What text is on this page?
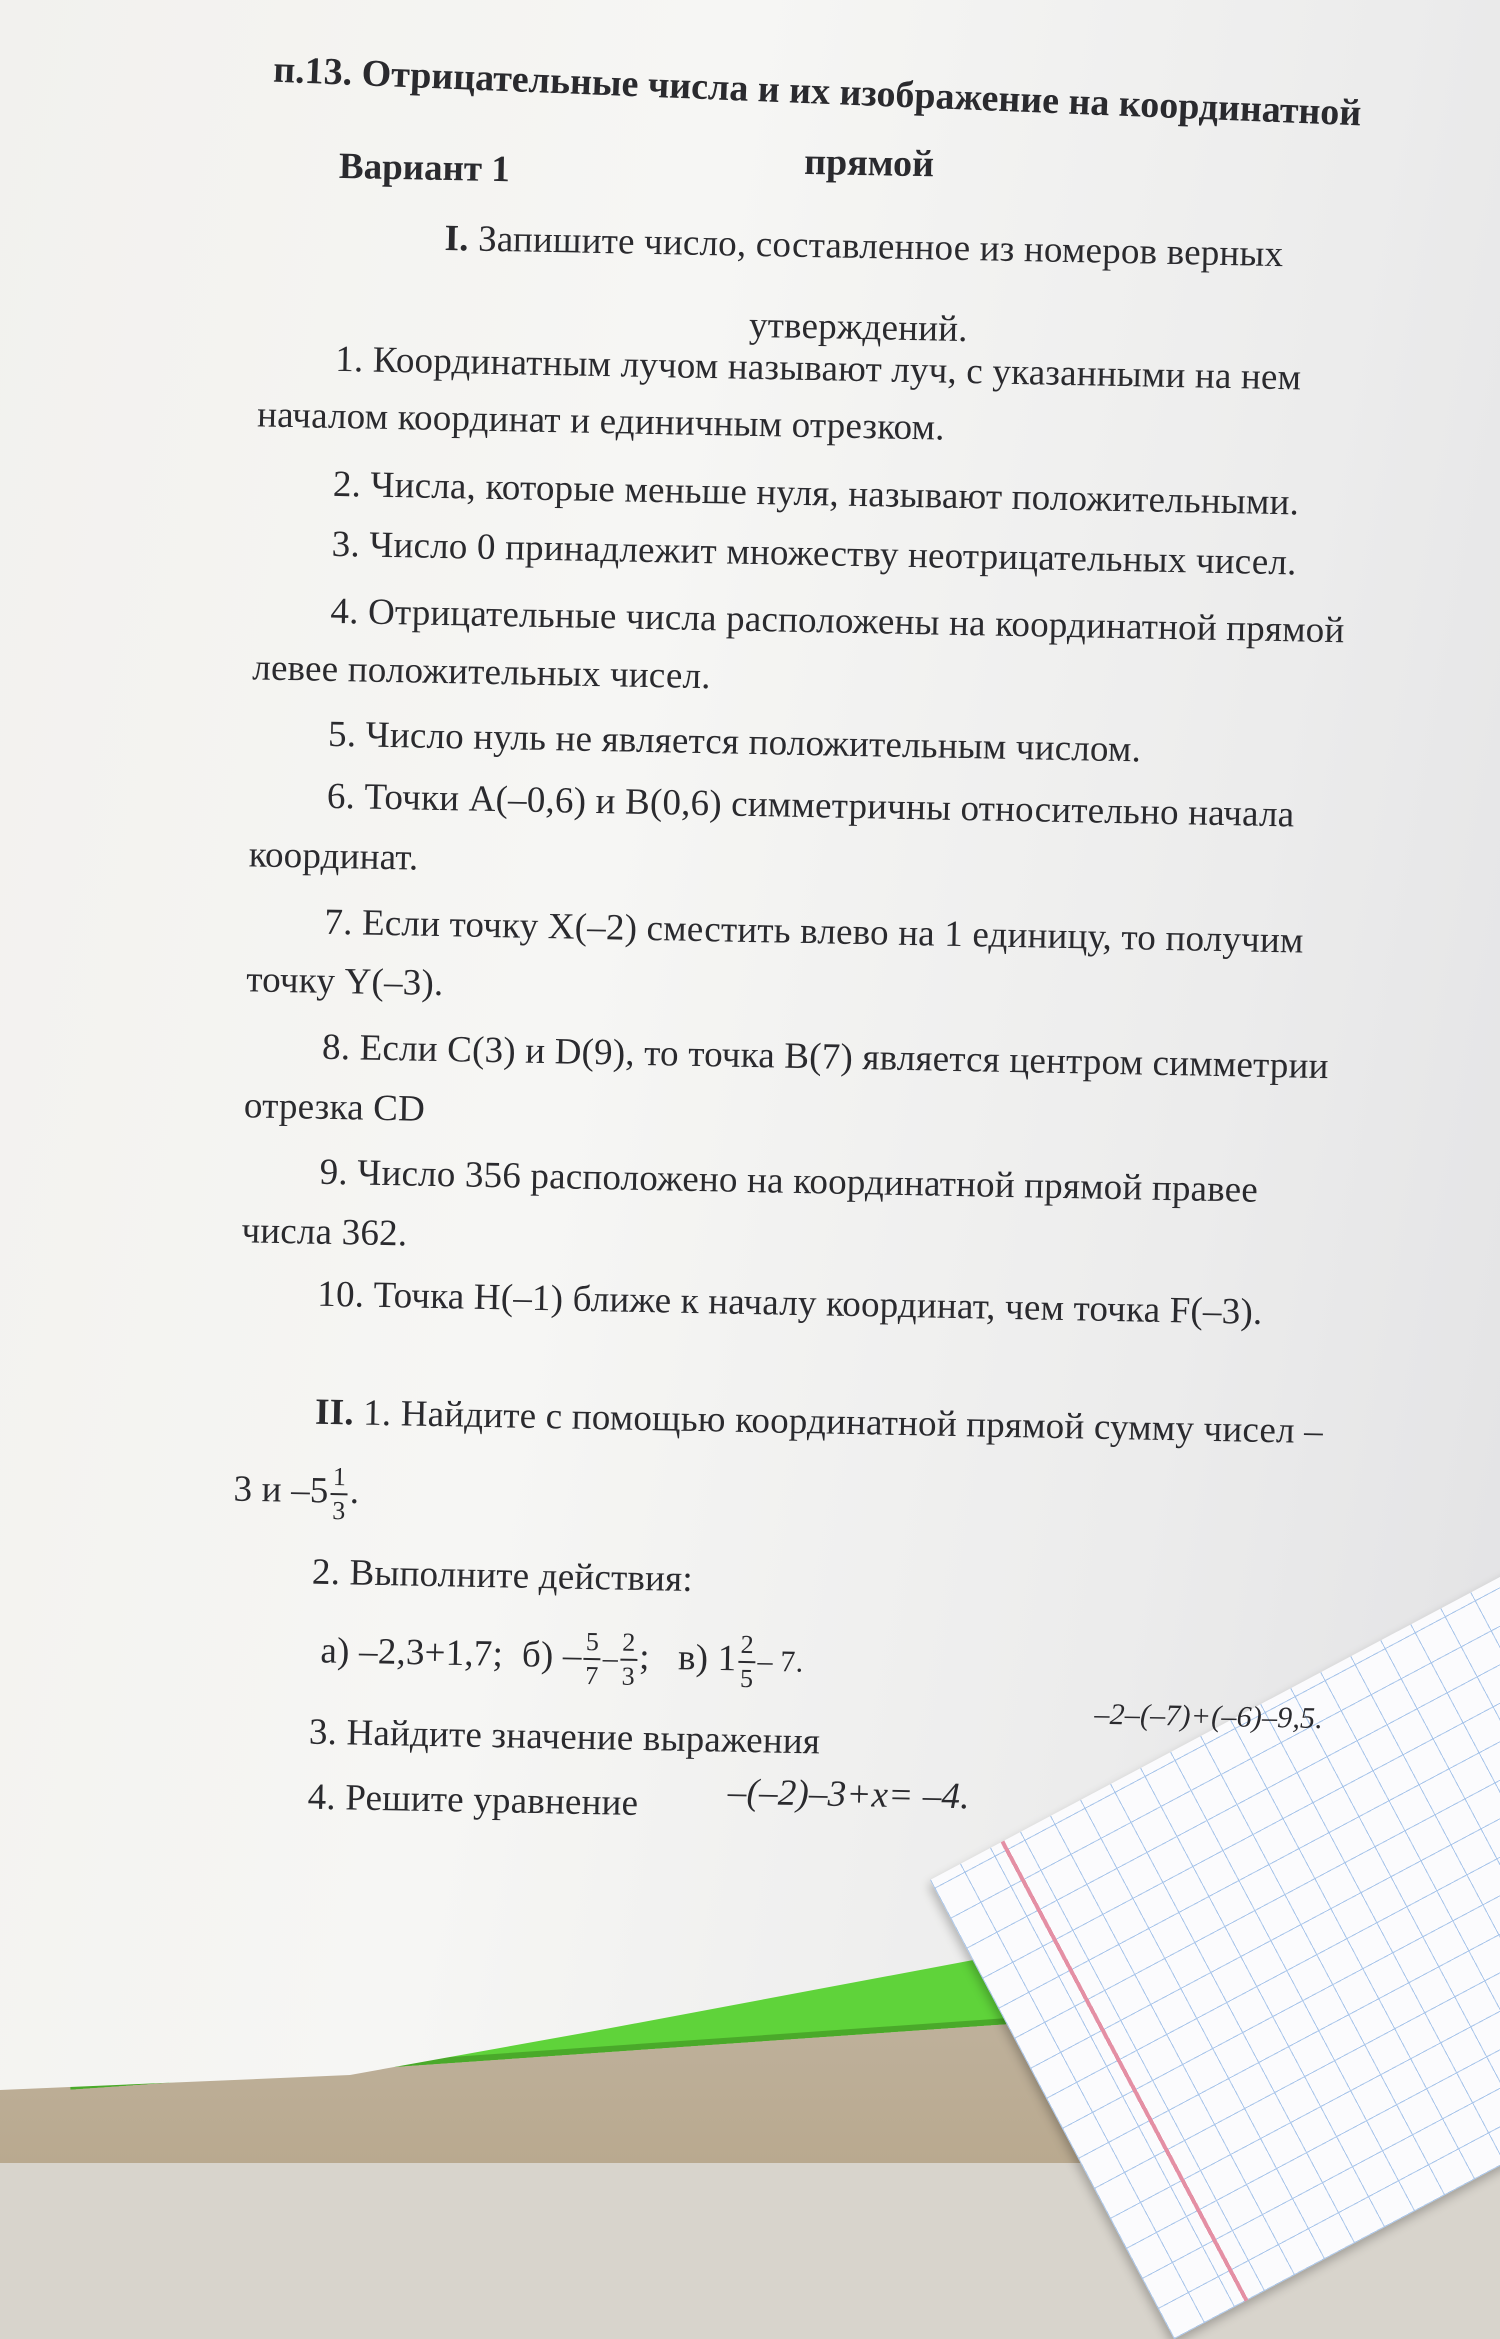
п.13. Отрицательные числа и их изображение на координатной
прямой
Вариант 1
I. Запишите число, составленное из номеров верных
утверждений.
1. Координатным лучом называют луч, с указанными на нем
началом координат и единичным отрезком.
2. Числа, которые меньше нуля, называют положительными.
3. Число 0 принадлежит множеству неотрицательных чисел.
4. Отрицательные числа расположены на координатной прямой
левее положительных чисел.
5. Число нуль не является положительным числом.
6. Точки A(–0,6) и B(0,6) симметричны относительно начала
координат.
7. Если точку X(–2) сместить влево на 1 единицу, то получим
точку Y(–3).
8. Если C(3) и D(9), то точка B(7) является центром симметрии
отрезка CD
9. Число 356 расположено на координатной прямой правее
числа 362.
10. Точка H(–1) ближе к началу координат, чем точка F(–3).
II. 1. Найдите с помощью координатной прямой сумму чисел –
3 и $-5 \frac{1}{3}$ .
2. Выполните действия:
а) –2,3+1,7; $б) - \frac{5}{7} - \frac{2}{3}$ ; в) $1 \frac{2}{5} - 7$.
3. Найдите значение выражения	–2–(–7)+(–6)–9,5.
4. Решите уравнение –(–2)–3+x= –4.
